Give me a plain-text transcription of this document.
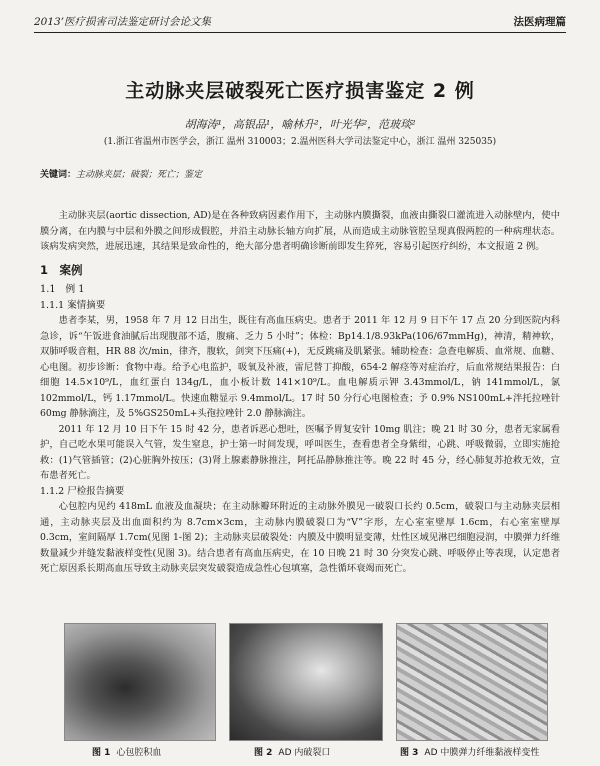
2013’医疗损害司法鉴定研讨会论文集	法医病理篇
主动脉夹层破裂死亡医疗损害鉴定 2 例
胡海涛¹，高银品¹，喻林升²，叶光华²，范玻琰²
(1.浙江省温州市医学会，浙江 温州 310003；2.温州医科大学司法鉴定中心，浙江 温州 325035)
关键词：主动脉夹层；破裂；死亡；鉴定

主动脉夹层(aortic dissection, AD)是在各种致病因素作用下，主动脉内膜撕裂，血液由撕裂口灌流进入动脉壁内，使中膜分离，在内膜与中层和外膜之间形成假腔，并沿主动脉长轴方向扩展，从而造成主动脉管腔呈现真假两腔的一种病理状态。该病发病突然，进展迅速，其结果是致命性的，绝大部分患者明确诊断前即发生猝死，容易引起医疗纠纷，本文报道 2 例。

1　案例
1.1　例 1
1.1.1 案情摘要

患者李某，男，1958 年 7 月 12 日出生，既往有高血压病史。患者于 2011 年 12 月 9 日下午 17 点 20 分到医院内科急诊，诉“午饭进食油腻后出现腹部不适，腹痛、乏力 5 小时”；体检：Bp14.1/8.93kPa(106/67mmHg)，神清，精神软，双肺呼吸音粗，HR 88 次/min，律齐，腹软，剑突下压痛(+)，无反跳痛及肌紧张。辅助检查：急查电解质、血常规、血糖、心电图。初步诊断：食物中毒。给予心电监护，吸氧及补液，雷尼替丁抑酸，654-2 解痉等对症治疗，后血常规结果报告：白细胞 14.5×10⁹/L，血红蛋白 134g/L，血小板计数 141×10⁹/L。血电解质示钾 3.43mmol/L，钠 141mmol/L，氯 102mmol/L，钙 1.17mmol/L。快速血糖显示 9.4mmol/L。17 时 50 分行心电图检查；予 0.9% NS100mL+泮托拉唑针 60mg 静脉滴注，及 5%GS250mL+头孢拉唑针 2.0 静脉滴注。

2011 年 12 月 10 日下午 15 时 42 分，患者诉恶心想吐，医嘱予胃复安针 10mg 肌注；晚 21 时 30 分，患者无家属看护，自己吃水果可能误入气管，发生窒息，护士第一时间发现，呼叫医生，查看患者全身紫绀，心跳、呼吸微弱，立即实施抢救：(1)气管插管；(2)心脏胸外按压；(3)肾上腺素静脉推注，阿托品静脉推注等。晚 22 时 45 分，经心肺复苏抢救无效，宣布患者死亡。

1.1.2 尸检报告摘要

心包腔内见约 418mL 血液及血凝块；在主动脉瓣环附近的主动脉外膜见一破裂口长约 0.5cm，破裂口与主动脉夹层相通，主动脉夹层及出血面积约为 8.7cm×3cm，主动脉内膜破裂口为“V”字形，左心室室壁厚 1.6cm，右心室室壁厚 0.3cm，室间隔厚 1.7cm(见图 1-图 2)；主动脉夹层破裂处：内膜及中膜明显变薄，灶性区域见淋巴细胞浸润，中膜弹力纤维数量减少并缝发黏液样变性(见图 3)。结合患者有高血压病史，在 10 日晚 21 时 30 分突发心跳、呼吸停止等表现，认定患者死亡原因系长期高血压导致主动脉夹层突发破裂造成急性心包填塞，急性循环衰竭而死亡。

图 1 心包腔积血	图 2 AD 内破裂口	图 3 AD 中膜弹力纤维黏液样变性
